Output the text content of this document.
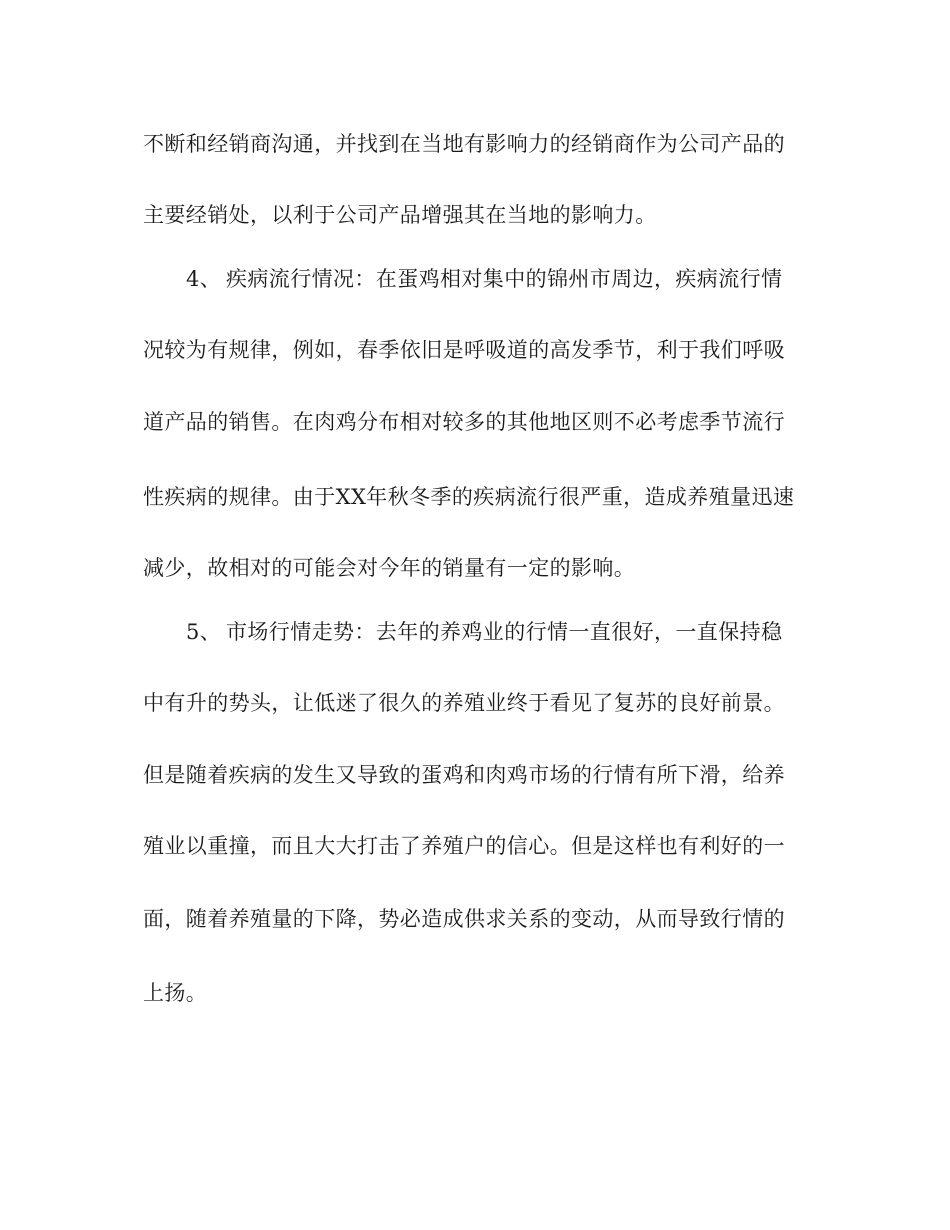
不断和经销商沟通，并找到在当地有影响力的经销商作为公司产品的
主要经销处，以利于公司产品增强其在当地的影响力。
4、 疾病流行情况：在蛋鸡相对集中的锦州市周边，疾病流行情
况较为有规律，例如，春季依旧是呼吸道的高发季节，利于我们呼吸
道产品的销售。在肉鸡分布相对较多的其他地区则不必考虑季节流行
性疾病的规律。由于XX年秋冬季的疾病流行很严重，造成养殖量迅速
减少，故相对的可能会对今年的销量有一定的影响。
5、 市场行情走势：去年的养鸡业的行情一直很好，一直保持稳
中有升的势头，让低迷了很久的养殖业终于看见了复苏的良好前景。
但是随着疾病的发生又导致的蛋鸡和肉鸡市场的行情有所下滑，给养
殖业以重撞，而且大大打击了养殖户的信心。但是这样也有利好的一
面，随着养殖量的下降，势必造成供求关系的变动，从而导致行情的
上扬。
